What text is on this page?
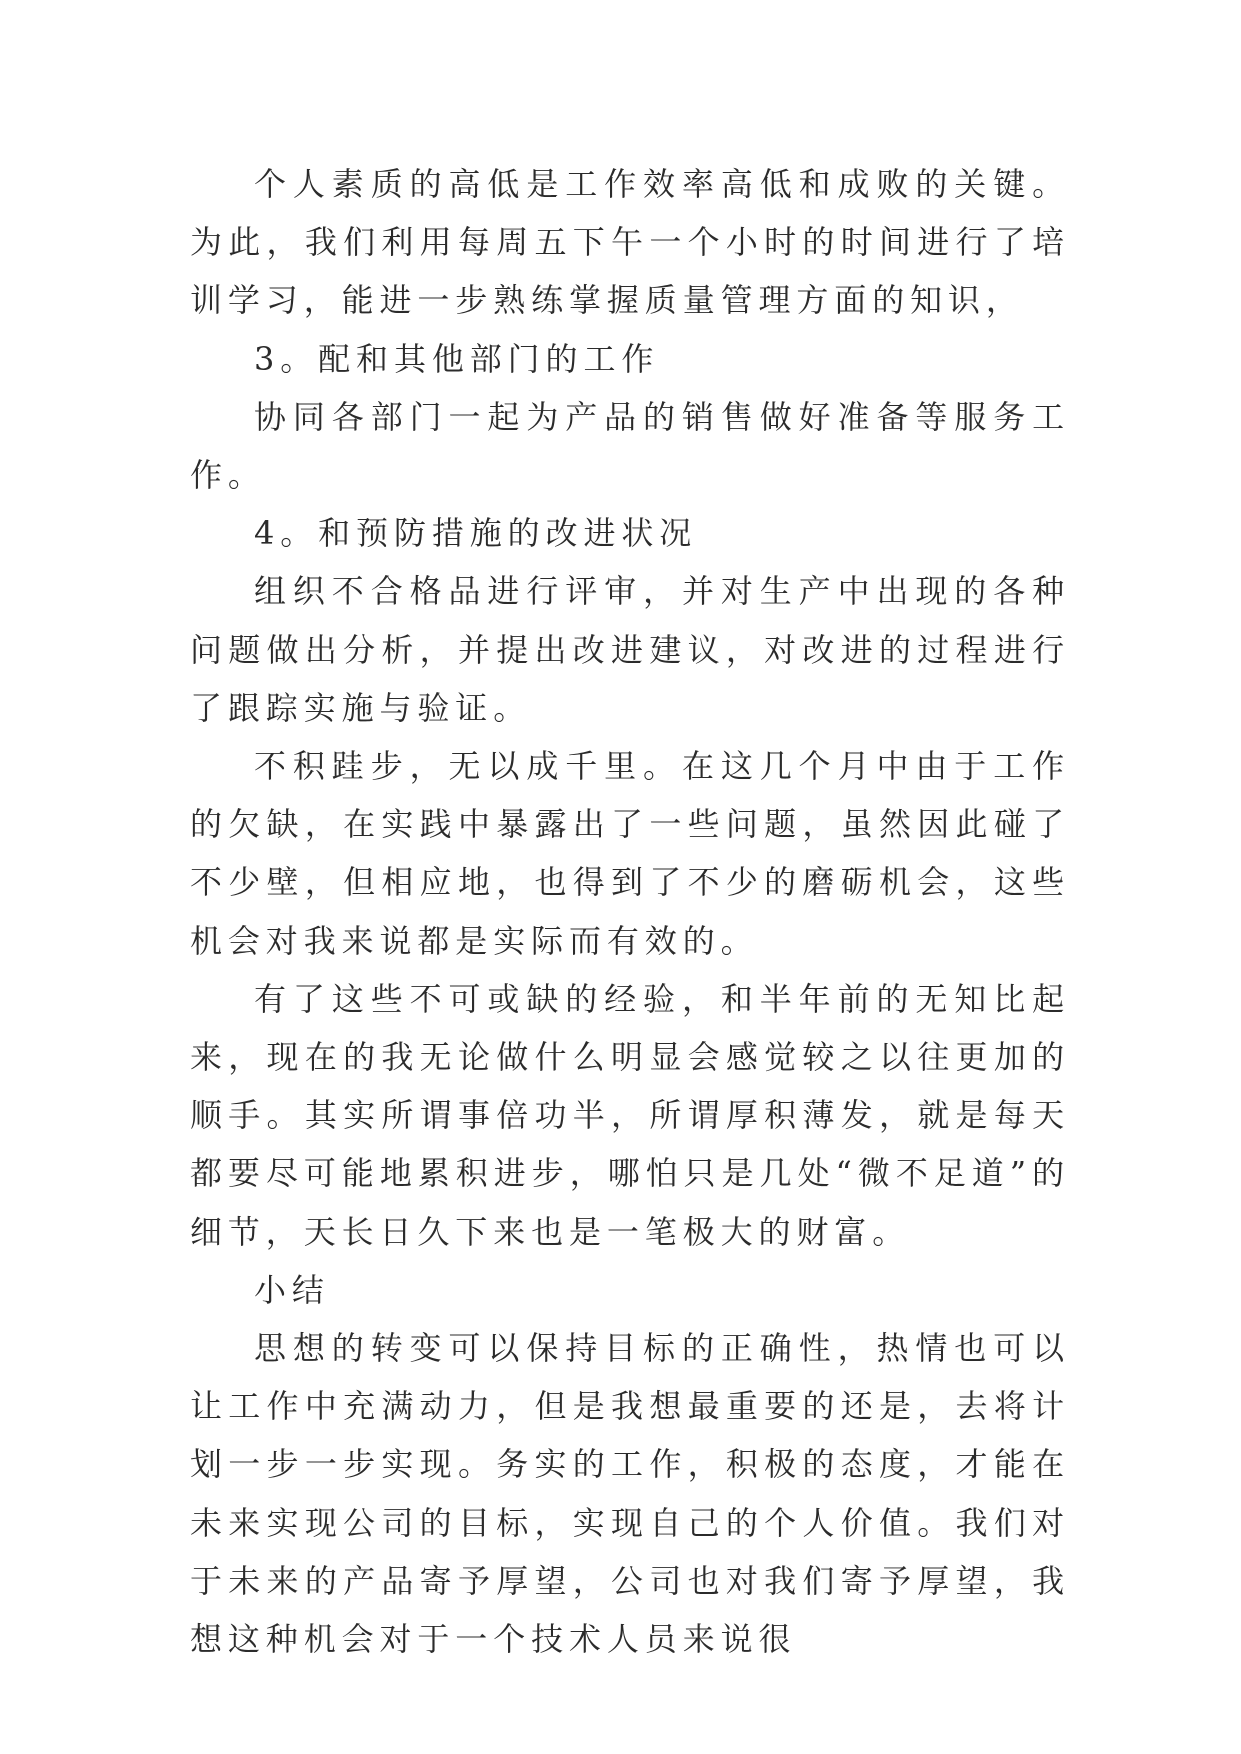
个人素质的高低是工作效率高低和成败的关键。为此，我们利用每周五下午一个小时的时间进行了培训学习，能进一步熟练掌握质量管理方面的知识，

3。配和其他部门的工作

协同各部门一起为产品的销售做好准备等服务工作。

4。和预防措施的改进状况

组织不合格品进行评审，并对生产中出现的各种问题做出分析，并提出改进建议，对改进的过程进行了跟踪实施与验证。

不积跬步，无以成千里。在这几个月中由于工作的欠缺，在实践中暴露出了一些问题，虽然因此碰了不少壁，但相应地，也得到了不少的磨砺机会，这些机会对我来说都是实际而有效的。

有了这些不可或缺的经验，和半年前的无知比起来，现在的我无论做什么明显会感觉较之以往更加的顺手。其实所谓事倍功半，所谓厚积薄发，就是每天都要尽可能地累积进步，哪怕只是几处“微不足道”的细节，天长日久下来也是一笔极大的财富。

小结

思想的转变可以保持目标的正确性，热情也可以让工作中充满动力，但是我想最重要的还是，去将计划一步一步实现。务实的工作，积极的态度，才能在未来实现公司的目标，实现自己的个人价值。我们对于未来的产品寄予厚望，公司也对我们寄予厚望，我想这种机会对于一个技术人员来说很
